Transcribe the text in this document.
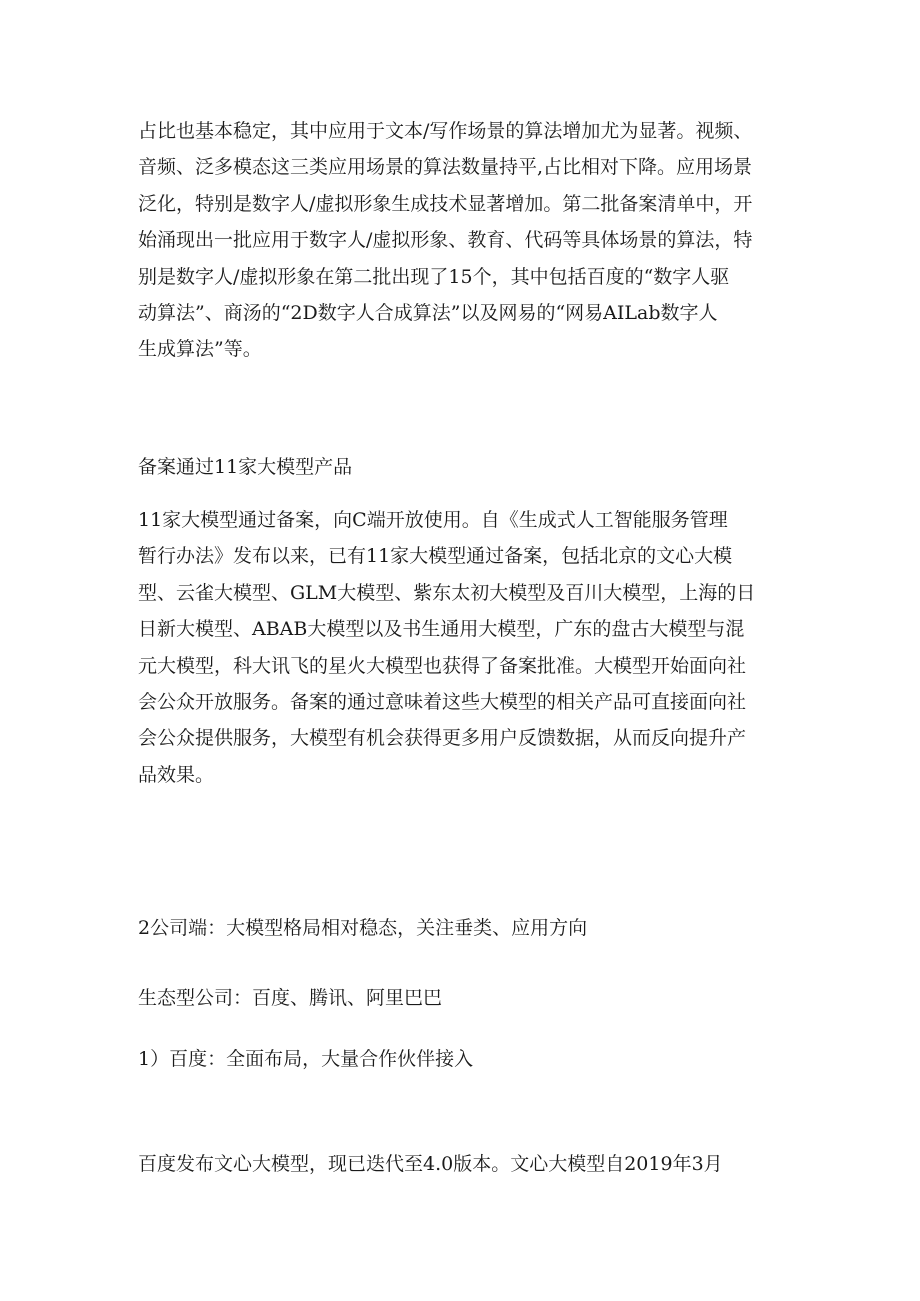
占比也基本稳定，其中应用于文本/写作场景的算法增加尤为显著。视频、
音频、泛多模态这三类应用场景的算法数量持平,占比相对下降。应用场景
泛化，特别是数字人/虚拟形象生成技术显著增加。第二批备案清单中，开
始涌现出一批应用于数字人/虚拟形象、教育、代码等具体场景的算法，特
别是数字人/虚拟形象在第二批出现了15个，其中包括百度的“数字人驱
动算法”、商汤的“2D数字人合成算法”以及网易的“网易AILab数字人
生成算法”等。

备案通过11家大模型产品

11家大模型通过备案，向C端开放使用。自《生成式人工智能服务管理
暂行办法》发布以来，已有11家大模型通过备案，包括北京的文心大模
型、云雀大模型、GLM大模型、紫东太初大模型及百川大模型，上海的日
日新大模型、ABAB大模型以及书生通用大模型，广东的盘古大模型与混
元大模型，科大讯飞的星火大模型也获得了备案批准。大模型开始面向社
会公众开放服务。备案的通过意味着这些大模型的相关产品可直接面向社
会公众提供服务，大模型有机会获得更多用户反馈数据，从而反向提升产
品效果。

2公司端：大模型格局相对稳态，关注垂类、应用方向

生态型公司：百度、腾讯、阿里巴巴

1）百度：全面布局，大量合作伙伴接入

百度发布文心大模型，现已迭代至4.0版本。文心大模型自2019年3月
